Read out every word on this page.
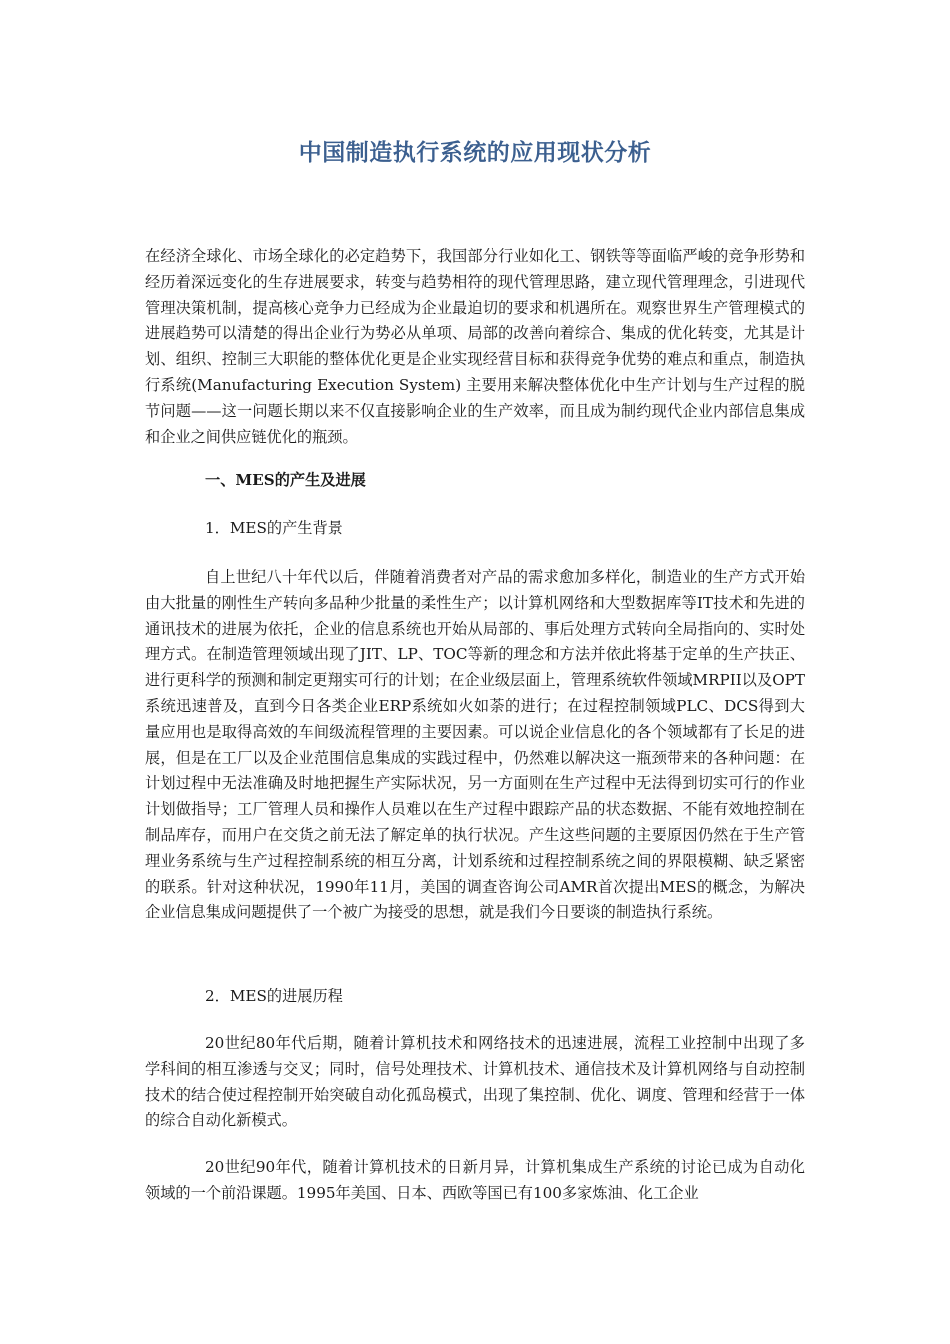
中国制造执行系统的应用现状分析

在经济全球化、市场全球化的必定趋势下，我国部分行业如化工、钢铁等等面临严峻的竞争形势和经历着深远变化的生存进展要求，转变与趋势相符的现代管理思路，建立现代管理理念，引进现代管理决策机制，提高核心竞争力已经成为企业最迫切的要求和机遇所在。观察世界生产管理模式的进展趋势可以清楚的得出企业行为势必从单项、局部的改善向着综合、集成的优化转变，尤其是计划、组织、控制三大职能的整体优化更是企业实现经营目标和获得竞争优势的难点和重点，制造执行系统(Manufacturing Execution System) 主要用来解决整体优化中生产计划与生产过程的脱节问题——这一问题长期以来不仅直接影响企业的生产效率，而且成为制约现代企业内部信息集成和企业之间供应链优化的瓶颈。

一、MES的产生及进展

1．MES的产生背景

自上世纪八十年代以后，伴随着消费者对产品的需求愈加多样化，制造业的生产方式开始由大批量的刚性生产转向多品种少批量的柔性生产；以计算机网络和大型数据库等IT技术和先进的通讯技术的进展为依托，企业的信息系统也开始从局部的、事后处理方式转向全局指向的、实时处理方式。在制造管理领域出现了JIT、LP、TOC等新的理念和方法并依此将基于定单的生产扶正、进行更科学的预测和制定更翔实可行的计划；在企业级层面上，管理系统软件领域MRPII以及OPT系统迅速普及，直到今日各类企业ERP系统如火如荼的进行；在过程控制领域PLC、DCS得到大量应用也是取得高效的车间级流程管理的主要因素。可以说企业信息化的各个领域都有了长足的进展，但是在工厂以及企业范围信息集成的实践过程中，仍然难以解决这一瓶颈带来的各种问题：在计划过程中无法准确及时地把握生产实际状况，另一方面则在生产过程中无法得到切实可行的作业计划做指导；工厂管理人员和操作人员难以在生产过程中跟踪产品的状态数据、不能有效地控制在制品库存，而用户在交货之前无法了解定单的执行状况。产生这些问题的主要原因仍然在于生产管理业务系统与生产过程控制系统的相互分离，计划系统和过程控制系统之间的界限模糊、缺乏紧密的联系。针对这种状况，1990年11月，美国的调查咨询公司AMR首次提出MES的概念，为解决企业信息集成问题提供了一个被广为接受的思想，就是我们今日要谈的制造执行系统。

2．MES的进展历程

20世纪80年代后期，随着计算机技术和网络技术的迅速进展，流程工业控制中出现了多学科间的相互渗透与交叉；同时，信号处理技术、计算机技术、通信技术及计算机网络与自动控制技术的结合使过程控制开始突破自动化孤岛模式，出现了集控制、优化、调度、管理和经营于一体的综合自动化新模式。

20世纪90年代，随着计算机技术的日新月异，计算机集成生产系统的讨论已成为自动化领域的一个前沿课题。1995年美国、日本、西欧等国已有100多家炼油、化工企业
